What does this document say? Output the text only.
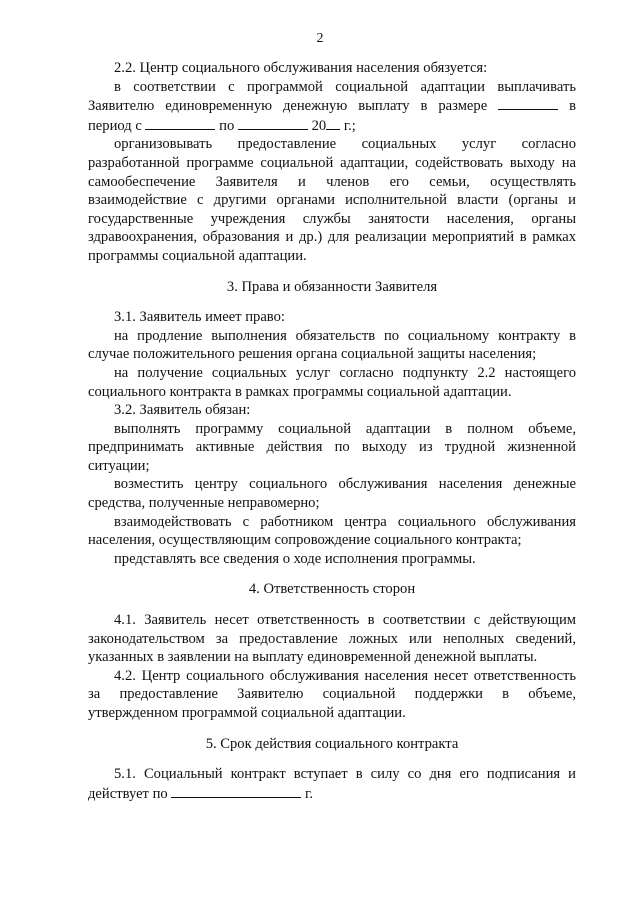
2

2.2. Центр социального обслуживания населения обязуется:

в соответствии с программой социальной адаптации выплачивать

Заявителю единовременную денежную выплату в размере	в

период с	по	20 г.;

организовывать предоставление социальных услуг согласно разработанной программе социальной адаптации, содействовать выходу на самообеспечение Заявителя и членов его семьи, осуществлять взаимодействие с другими органами исполнительной власти (органы и государственные учреждения службы занятости населения, органы здравоохранения, образования и др.) для реализации мероприятий в рамках программы социальной адаптации.

3. Права и обязанности Заявителя

3.1. Заявитель имеет право:

на продление выполнения обязательств по социальному контракту в случае положительного решения органа социальной защиты населения;

на получение социальных услуг согласно подпункту 2.2 настоящего социального контракта в рамках программы социальной адаптации.

3.2. Заявитель обязан:

выполнять программу социальной адаптации в полном объеме, предпринимать активные действия по выходу из трудной жизненной ситуации;

возместить центру социального обслуживания населения денежные средства, полученные неправомерно;

взаимодействовать с работником центра социального обслуживания населения, осуществляющим сопровождение социального контракта;

представлять все сведения о ходе исполнения программы.

4. Ответственность сторон

4.1. Заявитель несет ответственность в соответствии с действующим законодательством за предоставление ложных или неполных сведений, указанных в заявлении на выплату единовременной денежной выплаты.

4.2. Центр социального обслуживания населения несет ответственность за предоставление Заявителю социальной поддержки в объеме, утвержденном программой социальной адаптации.

5. Срок действия социального контракта

5.1. Социальный контракт вступает в силу со дня его подписания и

действует по	г.
